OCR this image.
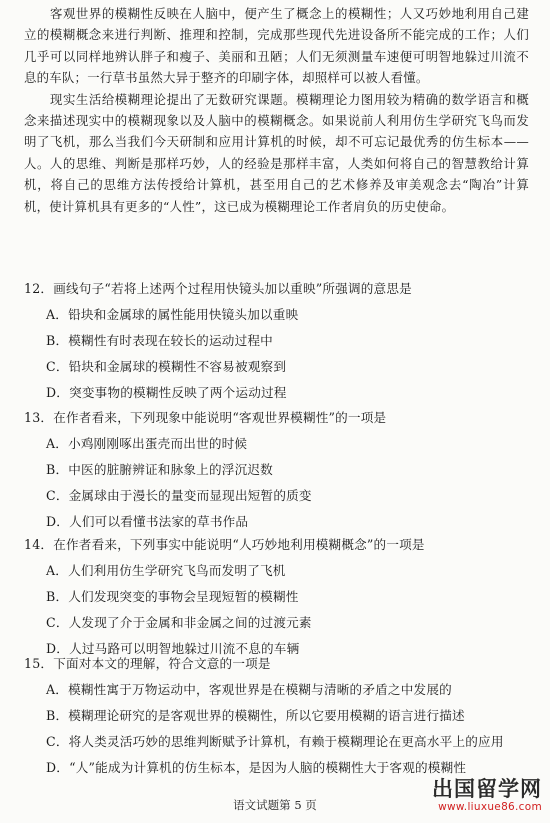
客观世界的模糊性反映在人脑中，便产生了概念上的模糊性；人又巧妙地利用自己建立的模糊概念来进行判断、推理和控制，完成那些现代先进设备所不能完成的工作；人们几乎可以同样地辨认胖子和瘦子、美丽和丑陋；人们无须测量车速便可明智地躲过川流不息的车队；一行草书虽然大异于整齐的印刷字体，却照样可以被人看懂。

现实生活给模糊理论提出了无数研究课题。模糊理论力图用较为精确的数学语言和概念来描述现实中的模糊现象以及人脑中的模糊概念。如果说前人利用仿生学研究飞鸟而发明了飞机，那么当我们今天研制和应用计算机的时候，却不可忘记最优秀的仿生标本——人。人的思维、判断是那样巧妙，人的经验是那样丰富，人类如何将自己的智慧教给计算机，将自己的思维方法传授给计算机，甚至用自己的艺术修养及审美观念去“陶冶”计算机，使计算机具有更多的“人性”，这已成为模糊理论工作者肩负的历史使命。

12．画线句子“若将上述两个过程用快镜头加以重映”所强调的意思是
A．铅块和金属球的属性能用快镜头加以重映
B．模糊性有时表现在较长的运动过程中
C．铅块和金属球的模糊性不容易被观察到
D．突变事物的模糊性反映了两个运动过程
13．在作者看来，下列现象中能说明“客观世界模糊性”的一项是
A．小鸡刚刚啄出蛋壳而出世的时候
B．中医的脏腑辨证和脉象上的浮沉迟数
C．金属球由于漫长的量变而显现出短暂的质变
D．人们可以看懂书法家的草书作品
14．在作者看来，下列事实中能说明“人巧妙地利用模糊概念”的一项是
A．人们利用仿生学研究飞鸟而发明了飞机
B．人们发现突变的事物会呈现短暂的模糊性
C．人发现了介于金属和非金属之间的过渡元素
D．人过马路可以明智地躲过川流不息的车辆
15．下面对本文的理解，符合文意的一项是
A．模糊性寓于万物运动中，客观世界是在模糊与清晰的矛盾之中发展的
B．模糊理论研究的是客观世界的模糊性，所以它要用模糊的语言进行描述
C．将人类灵活巧妙的思维判断赋予计算机，有赖于模糊理论在更高水平上的应用
D．“人”能成为计算机的仿生标本，是因为人脑的模糊性大于客观的模糊性
语文试题第 5 页
出国留学网
www.liuxue86.com
